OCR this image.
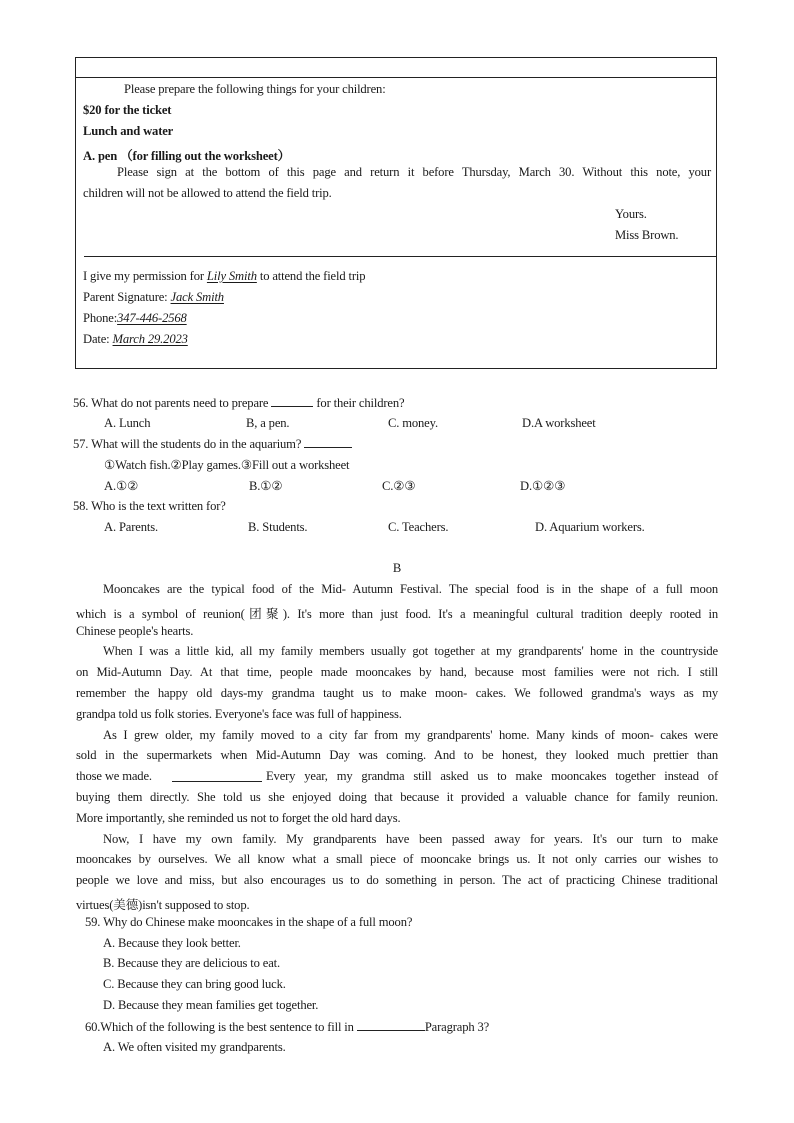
Please prepare the following things for your children:
$20 for the ticket
Lunch and water
A. pen （for filling out the worksheet）
Please sign at the bottom of this page and return it before Thursday, March 30. Without this note, your
children will not be allowed to attend the field trip.
Yours.
Miss Brown.
I give my permission for Lily Smith to attend the field trip
Parent Signature: Jack Smith
Phone:347-446-2568
Date: March 29.2023
56. What do not parents need to prepare	for their children?
A. Lunch	B, a pen.	C. money.	D.A worksheet
57. What will the students do in the aquarium?
①Watch fish.②Play games.③Fill out a worksheet
A.①②	B.①②	C.②③	D.①②③
58. Who is the text written for?
A. Parents.	B. Students.	C. Teachers.	D. Aquarium workers.
B
Mooncakes are the typical food of the Mid- Autumn Festival. The special food is in the shape of a full moon
which is a symbol of reunion(团聚). It's more than just food. It's a meaningful cultural tradition deeply rooted in
Chinese people's hearts.
When I was a little kid, all my family members usually got together at my grandparents' home in the countryside
on Mid-Autumn Day. At that time, people made mooncakes by hand, because most families were not rich. I still
remember the happy old days-my grandma taught us to make moon- cakes. We followed grandma's ways as my
grandpa told us folk stories. Everyone's face was full of happiness.
As I grew older, my family moved to a city far from my grandparents' home. Many kinds of moon- cakes were
sold in the supermarkets when Mid-Autumn Day was coming. And to be honest, they looked much prettier than
those we made.	Every year, my grandma still asked us to make mooncakes together instead of
buying them directly. She told us she enjoyed doing that because it provided a valuable chance for family reunion.
More importantly, she reminded us not to forget the old hard days.
Now, I have my own family. My grandparents have been passed away for years. It's our turn to make
mooncakes by ourselves. We all know what a small piece of mooncake brings us. It not only carries our wishes to
people we love and miss, but also encourages us to do something in person. The act of practicing Chinese traditional
virtues(美德)isn't supposed to stop.
59. Why do Chinese make mooncakes in the shape of a full moon?
A. Because they look better.
B. Because they are delicious to eat.
C. Because they can bring good luck.
D. Because they mean families get together.
60.Which of the following is the best sentence to fill in	Paragraph 3?
A. We often visited my grandparents.
